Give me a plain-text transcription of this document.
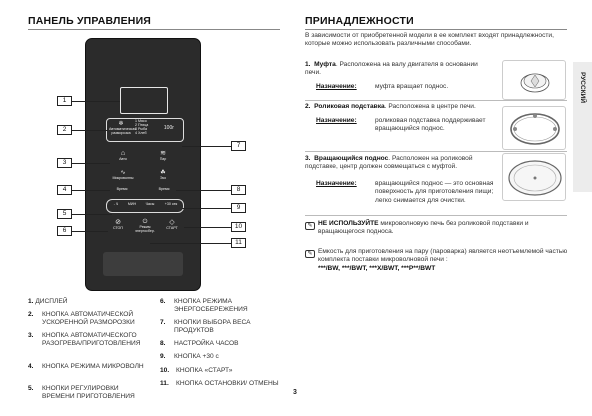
ПАНЕЛЬ УПРАВЛЕНИЯ
❄
Автоматическая разморозка
1 Мясо
2 Птица
3 Рыба
4 Хлеб
100г
⌂
Авто
≋
Пар
∿
Микроволны
☘
Эко
Время	Время
- Ч	МИН	Часы	+30 сек
⊘
СТОП
⏻
Режим энергосбер.
◇
СТАРТ
1
2
3
4
5
6
7
8
9
10
11
1. ДИСПЛЕЙ
2.	КНОПКА АВТОМАТИЧЕСКОЙ УСКОРЕННОЙ РАЗМОРОЗКИ
3.	КНОПКА АВТОМАТИЧЕСКОГО РАЗОГРЕВА/ПРИГОТОВЛЕНИЯ
4.	КНОПКА РЕЖИМА МИКРОВОЛН
5.	КНОПКИ РЕГУЛИРОВКИ ВРЕМЕНИ ПРИГОТОВЛЕНИЯ
6.	КНОПКА РЕЖИМА ЭНЕРГОСБЕРЕЖЕНИЯ
7.	КНОПКИ ВЫБОРА ВЕСА ПРОДУКТОВ
8.	НАСТРОЙКА ЧАСОВ
9.	КНОПКА +30 с
10.	КНОПКА «СТАРТ»
11.	КНОПКА ОСТАНОВКИ/ ОТМЕНЫ
ПРИНАДЛЕЖНОСТИ
В зависимости от приобретенной модели в ее комплект входят принадлежности, которые можно использовать различными способами.
1. Муфта. Расположена на валу двигателя в основании печи.
Назначение:	муфта вращает поднос.
2. Роликовая подставка. Расположена в центре печи.
Назначение:	роликовая подставка поддерживает вращающийся поднос.
3. Вращающийся поднос. Расположен на роликовой подставке, центр должен совмещаться с муфтой.
Назначение:	вращающийся поднос — это основная поверхность для приготовления пищи; легко снимается для очистки.
✎ НЕ ИСПОЛЬЗУЙТЕ микроволновую печь без роликовой подставки и вращающегося подноса.
✎ Емкость для приготовления на пару (пароварка) является неотъемлемой частью комплекта поставки микроволновой печи :
***/BW, ***/BWT, ***X/BWT, ***P**/BWT
РУССКИЙ
3
